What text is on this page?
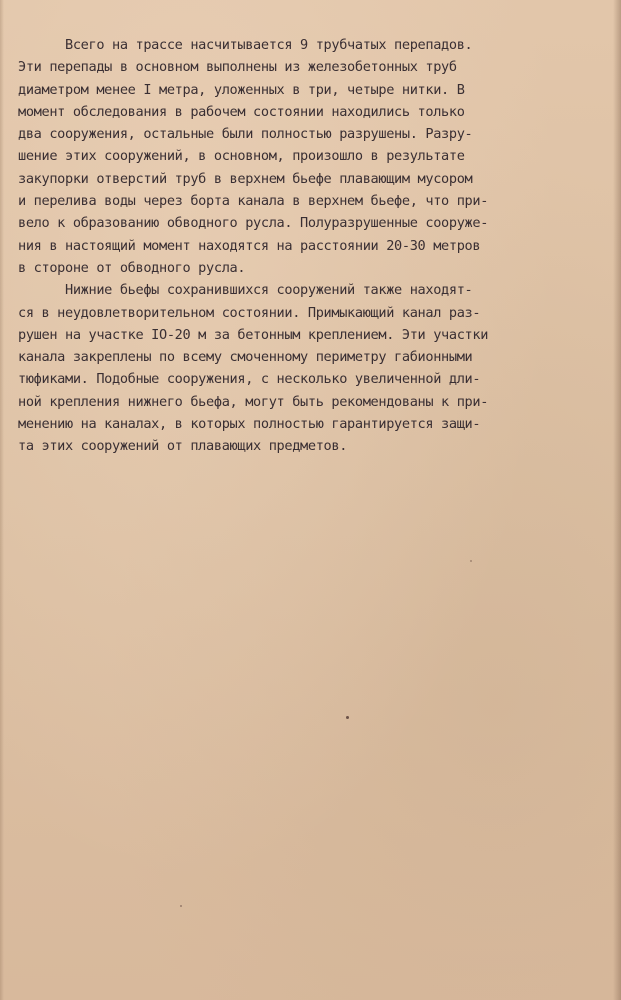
Всего на трассе насчитывается 9 трубчатых перепадов.
Эти перепады в основном выполнены из железобетонных труб
диаметром менее I метра, уложенных в три, четыре нитки. В
момент обследования в рабочем состоянии находились только
два сооружения, остальные были полностью разрушены. Разру-
шение этих сооружений, в основном, произошло в результате
закупорки отверстий труб в верхнем бьефе плавающим мусором
и перелива воды через борта канала в верхнем бьефе, что при-
вело к образованию обводного русла. Полуразрушенные сооруже-
ния в настоящий момент находятся на расстоянии 20-30 метров
в стороне от обводного русла.
Нижние бьефы сохранившихся сооружений также находят-
ся в неудовлетворительном состоянии. Примыкающий канал раз-
рушен на участке IO-20 м за бетонным креплением. Эти участки
канала закреплены по всему смоченному периметру габионными
тюфиками. Подобные сооружения, с несколько увеличенной дли-
ной крепления нижнего бьефа, могут быть рекомендованы к при-
менению на каналах, в которых полностью гарантируется защи-
та этих сооружений от плавающих предметов.
